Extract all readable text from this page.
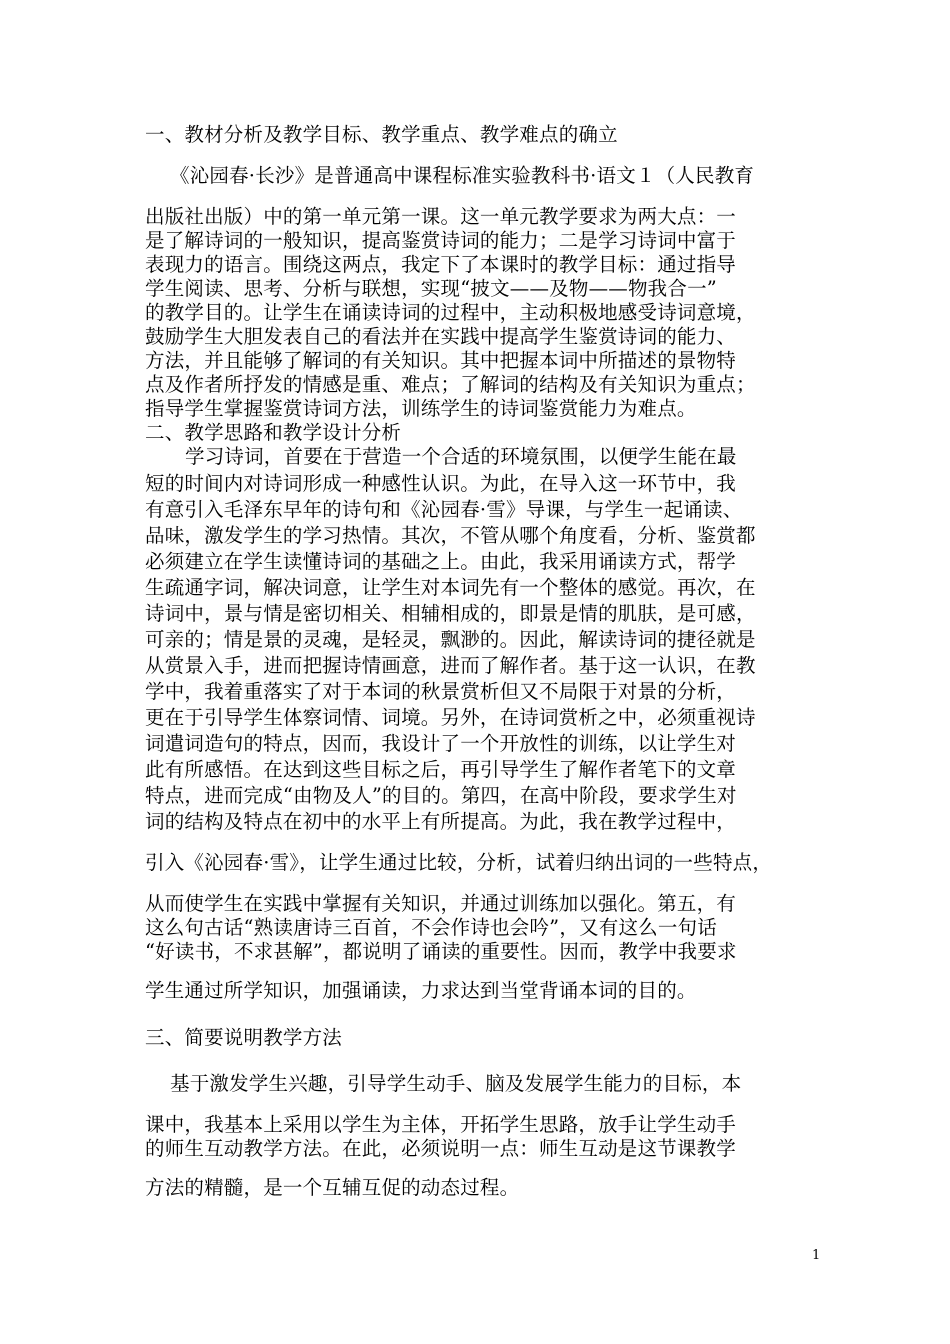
一、教材分析及教学目标、教学重点、教学难点的确立
《沁园春·长沙》是普通高中课程标准实验教科书·语文１（人民教育
出版社出版）中的第一单元第一课。这一单元教学要求为两大点：一
是了解诗词的一般知识，提高鉴赏诗词的能力；二是学习诗词中富于
表现力的语言。围绕这两点，我定下了本课时的教学目标：通过指导
学生阅读、思考、分析与联想，实现“披文——及物——物我合一”
的教学目的。让学生在诵读诗词的过程中，主动积极地感受诗词意境，
鼓励学生大胆发表自己的看法并在实践中提高学生鉴赏诗词的能力、
方法，并且能够了解词的有关知识。其中把握本词中所描述的景物特
点及作者所抒发的情感是重、难点；了解词的结构及有关知识为重点；
指导学生掌握鉴赏诗词方法，训练学生的诗词鉴赏能力为难点。
二、教学思路和教学设计分析
学习诗词，首要在于营造一个合适的环境氛围，以便学生能在最
短的时间内对诗词形成一种感性认识。为此，在导入这一环节中，我
有意引入毛泽东早年的诗句和《沁园春·雪》导课，与学生一起诵读、
品味，激发学生的学习热情。其次，不管从哪个角度看，分析、鉴赏都
必须建立在学生读懂诗词的基础之上。由此，我采用诵读方式，帮学
生疏通字词，解决词意，让学生对本词先有一个整体的感觉。再次，在
诗词中，景与情是密切相关、相辅相成的，即景是情的肌肤，是可感，
可亲的；情是景的灵魂，是轻灵，飘渺的。因此，解读诗词的捷径就是
从赏景入手，进而把握诗情画意，进而了解作者。基于这一认识，在教
学中，我着重落实了对于本词的秋景赏析但又不局限于对景的分析，
更在于引导学生体察词情、词境。另外，在诗词赏析之中，必须重视诗
词遣词造句的特点，因而，我设计了一个开放性的训练，以让学生对
此有所感悟。在达到这些目标之后，再引导学生了解作者笔下的文章
特点，进而完成“由物及人”的目的。第四，在高中阶段，要求学生对
词的结构及特点在初中的水平上有所提高。为此，我在教学过程中，
引入《沁园春·雪》，让学生通过比较，分析，试着归纳出词的一些特点，
从而使学生在实践中掌握有关知识，并通过训练加以强化。第五，有
这么句古话“熟读唐诗三百首，不会作诗也会吟”，又有这么一句话
“好读书，不求甚解”，都说明了诵读的重要性。因而，教学中我要求
学生通过所学知识，加强诵读，力求达到当堂背诵本词的目的。
三、简要说明教学方法
基于激发学生兴趣，引导学生动手、脑及发展学生能力的目标，本
课中，我基本上采用以学生为主体，开拓学生思路，放手让学生动手
的师生互动教学方法。在此，必须说明一点：师生互动是这节课教学
方法的精髓，是一个互辅互促的动态过程。
1
